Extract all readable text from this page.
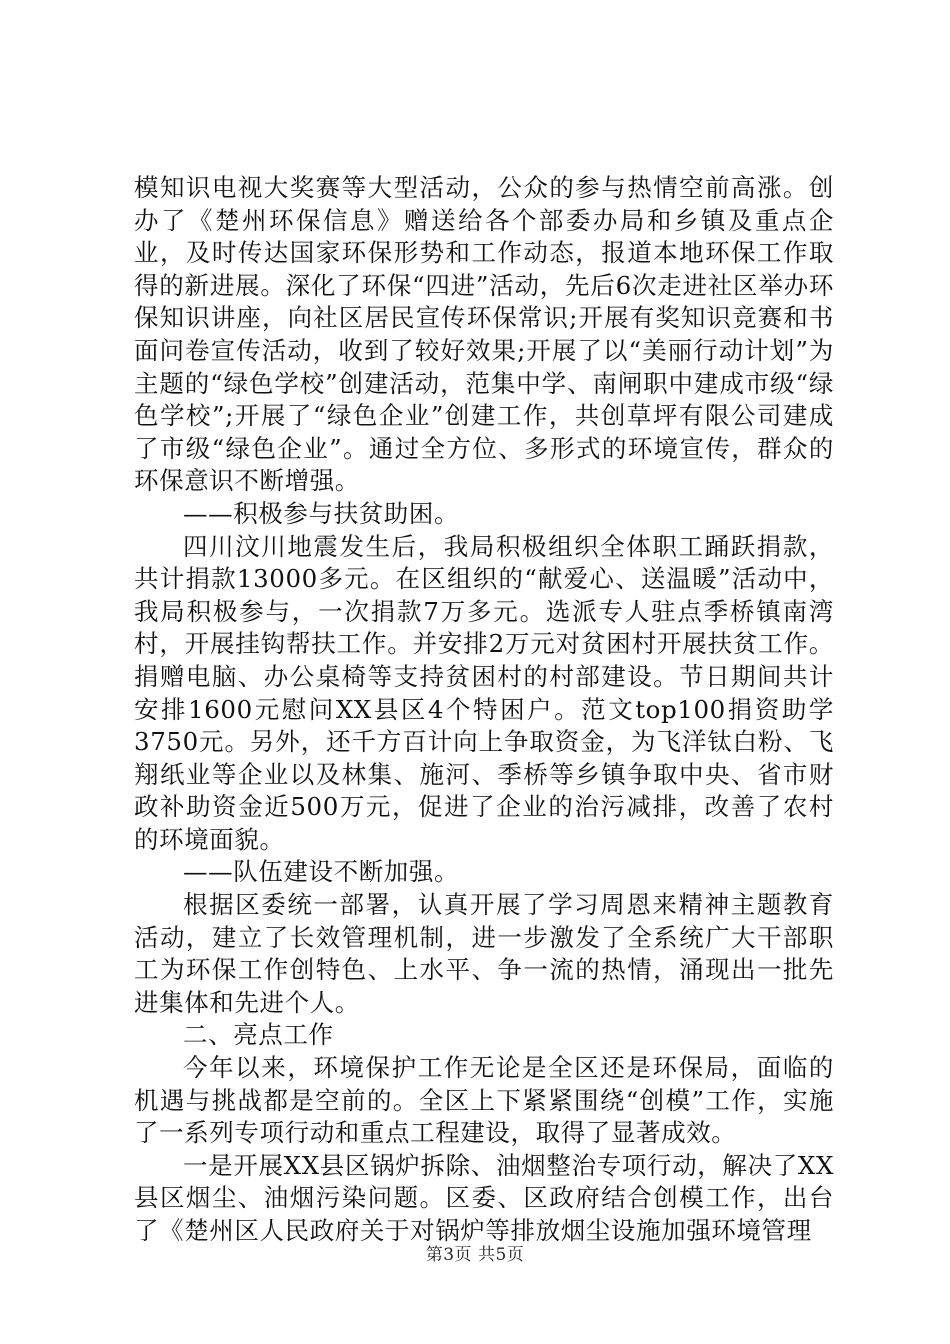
模知识电视大奖赛等大型活动，公众的参与热情空前高涨。创办了《楚州环保信息》赠送给各个部委办局和乡镇及重点企业，及时传达国家环保形势和工作动态，报道本地环保工作取得的新进展。深化了环保“四进”活动，先后6次走进社区举办环保知识讲座，向社区居民宣传环保常识;开展有奖知识竞赛和书面问卷宣传活动，收到了较好效果;开展了以“美丽行动计划”为主题的“绿色学校”创建活动，范集中学、南闸职中建成市级“绿色学校”;开展了“绿色企业”创建工作，共创草坪有限公司建成了市级“绿色企业”。通过全方位、多形式的环境宣传，群众的环保意识不断增强。

——积极参与扶贫助困。

四川汶川地震发生后，我局积极组织全体职工踊跃捐款，共计捐款13000多元。在区组织的“献爱心、送温暖”活动中，我局积极参与，一次捐款7万多元。选派专人驻点季桥镇南湾村，开展挂钩帮扶工作。并安排2万元对贫困村开展扶贫工作。捐赠电脑、办公桌椅等支持贫困村的村部建设。节日期间共计安排1600元慰问XX县区4个特困户。范文top100捐资助学3750元。另外，还千方百计向上争取资金，为飞洋钛白粉、飞翔纸业等企业以及林集、施河、季桥等乡镇争取中央、省市财政补助资金近500万元，促进了企业的治污减排，改善了农村的环境面貌。

——队伍建设不断加强。

根据区委统一部署，认真开展了学习周恩来精神主题教育活动，建立了长效管理机制，进一步激发了全系统广大干部职工为环保工作创特色、上水平、争一流的热情，涌现出一批先进集体和先进个人。

二、亮点工作

今年以来，环境保护工作无论是全区还是环保局，面临的机遇与挑战都是空前的。全区上下紧紧围绕“创模”工作，实施了一系列专项行动和重点工程建设，取得了显著成效。

一是开展XX县区锅炉拆除、油烟整治专项行动，解决了XX县区烟尘、油烟污染问题。区委、区政府结合创模工作，出台了《楚州区人民政府关于对锅炉等排放烟尘设施加强环境管理

第3页 共5页
